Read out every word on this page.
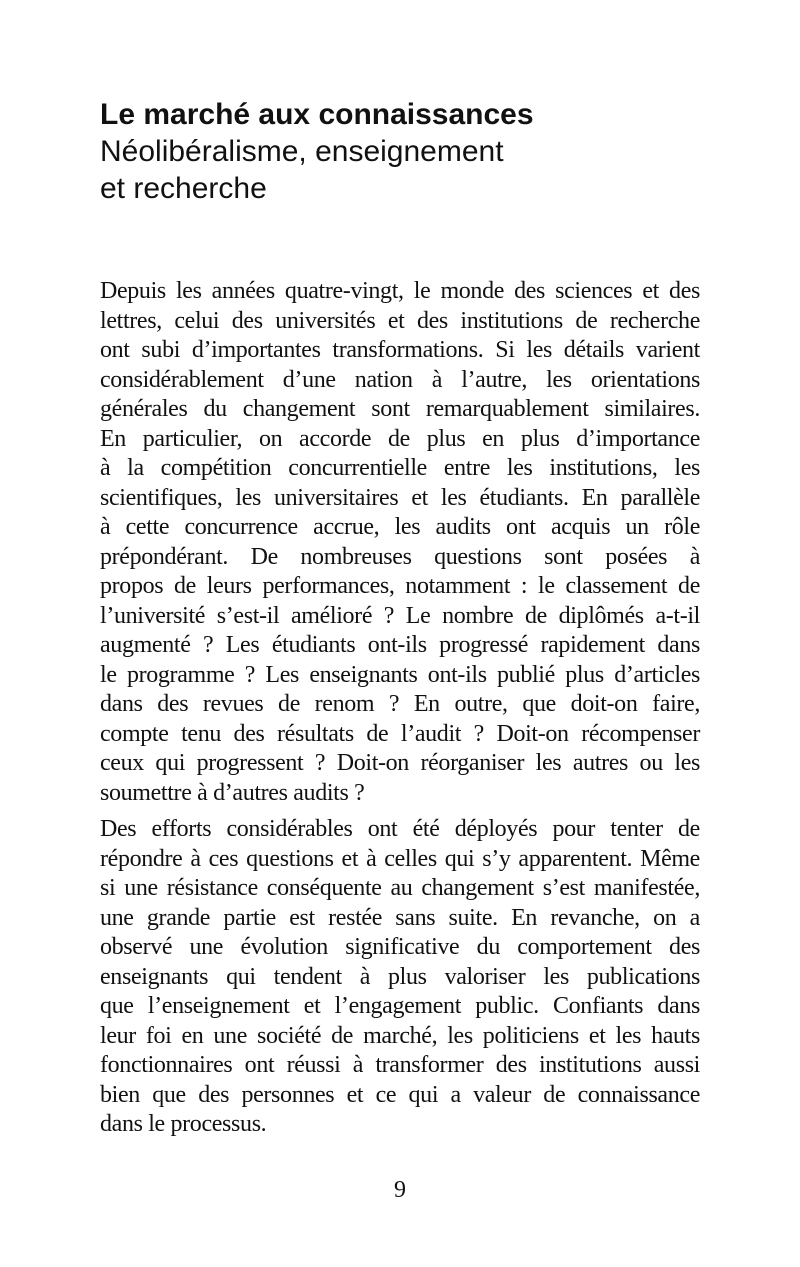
Le marché aux connaissances
Néolibéralisme, enseignement
et recherche
Depuis les années quatre-vingt, le monde des sciences et des
lettres, celui des universités et des institutions de recherche
ont subi d’importantes transformations. Si les détails varient
considérablement d’une nation à l’autre, les orientations
générales du changement sont remarquablement similaires.
En particulier, on accorde de plus en plus d’importance
à la compétition concurrentielle entre les institutions, les
scientifiques, les universitaires et les étudiants. En parallèle
à cette concurrence accrue, les audits ont acquis un rôle
prépondérant. De nombreuses questions sont posées à
propos de leurs performances, notamment : le classement de
l’université s’est-il amélioré ? Le nombre de diplômés a-t-il
augmenté ? Les étudiants ont-ils progressé rapidement dans
le programme ? Les enseignants ont-ils publié plus d’articles
dans des revues de renom ? En outre, que doit-on faire,
compte tenu des résultats de l’audit ? Doit-on récompenser
ceux qui progressent ? Doit-on réorganiser les autres ou les
soumettre à d’autres audits ?
Des efforts considérables ont été déployés pour tenter de
répondre à ces questions et à celles qui s’y apparentent. Même
si une résistance conséquente au changement s’est manifestée,
une grande partie est restée sans suite. En revanche, on a
observé une évolution significative du comportement des
enseignants qui tendent à plus valoriser les publications
que l’enseignement et l’engagement public. Confiants dans
leur foi en une société de marché, les politiciens et les hauts
fonctionnaires ont réussi à transformer des institutions aussi
bien que des personnes et ce qui a valeur de connaissance
dans le processus.
9
